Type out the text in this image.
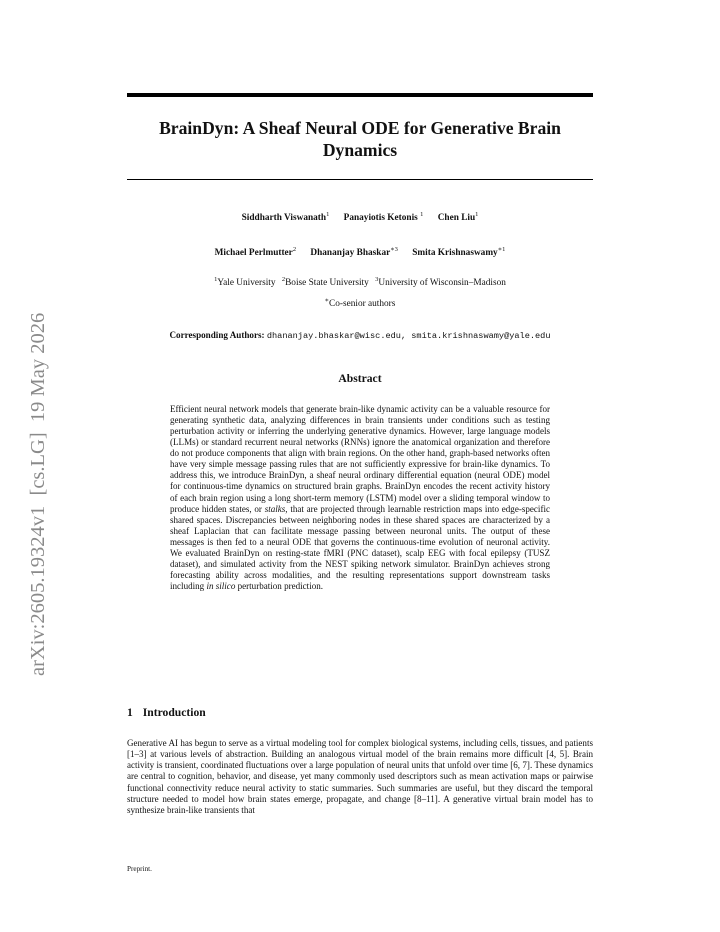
arXiv:2605.19324v1  [cs.LG]  19 May 2026
BrainDyn: A Sheaf Neural ODE for Generative Brain Dynamics
Siddharth Viswanath$^1$ Panayiotis Ketonis $^1$ Chen Liu$^1$
Michael Perlmutter$^2$ Dhananjay Bhaskar$^{∗3}$ Smita Krishnaswamy$^{∗1}$
$^1$Yale University $^2$Boise State University $^3$University of Wisconsin–Madison
∗Co-senior authors
Corresponding Authors: dhananjay.bhaskar@wisc.edu, smita.krishnaswamy@yale.edu
Abstract

Efficient neural network models that generate brain-like dynamic activity can be a valuable resource for generating synthetic data, analyzing differences in brain transients under conditions such as testing perturbation activity or inferring the underlying generative dynamics. However, large language models (LLMs) or standard recurrent neural networks (RNNs) ignore the anatomical organization and therefore do not produce components that align with brain regions. On the other hand, graph-based networks often have very simple message passing rules that are not sufficiently expressive for brain-like dynamics. To address this, we introduce BrainDyn, a sheaf neural ordinary differential equation (neural ODE) model for continuous-time dynamics on structured brain graphs. BrainDyn encodes the recent activity history of each brain region using a long short-term memory (LSTM) model over a sliding temporal window to produce hidden states, or stalks, that are projected through learnable restriction maps into edge-specific shared spaces. Discrepancies between neighboring nodes in these shared spaces are characterized by a sheaf Laplacian that can facilitate message passing between neuronal units. The output of these messages is then fed to a neural ODE that governs the continuous-time evolution of neuronal activity. We evaluated BrainDyn on resting-state fMRI (PNC dataset), scalp EEG with focal epilepsy (TUSZ dataset), and simulated activity from the NEST spiking network simulator. BrainDyn achieves strong forecasting ability across modalities, and the resulting representations support downstream tasks including in silico perturbation prediction.

1 Introduction

Generative AI has begun to serve as a virtual modeling tool for complex biological systems, including cells, tissues, and patients [1–3] at various levels of abstraction. Building an analogous virtual model of the brain remains more difficult [4, 5]. Brain activity is transient, coordinated fluctuations over a large population of neural units that unfold over time [6, 7]. These dynamics are central to cognition, behavior, and disease, yet many commonly used descriptors such as mean activation maps or pairwise functional connectivity reduce neural activity to static summaries. Such summaries are useful, but they discard the temporal structure needed to model how brain states emerge, propagate, and change [8–11]. A generative virtual brain model has to synthesize brain-like transients that

Preprint.
